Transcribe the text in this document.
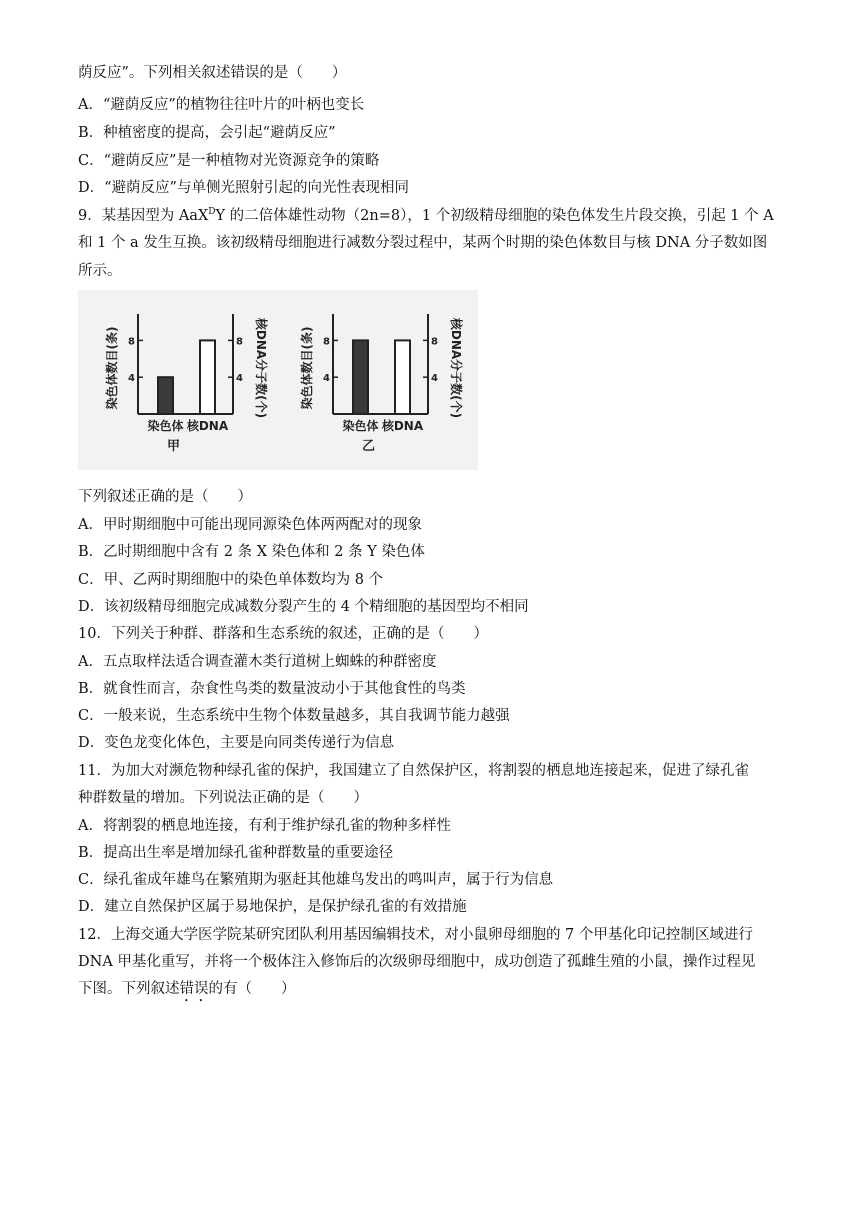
荫反应”。下列相关叙述错误的是（　　）
A．“避荫反应”的植物往往叶片的叶柄也变长
B．种植密度的提高，会引起“避荫反应”
C．“避荫反应”是一种植物对光资源竞争的策略
D．“避荫反应”与单侧光照射引起的向光性表现相同
9．某基因型为 AaX$^D$Y 的二倍体雄性动物（2n=8），1 个初级精母细胞的染色体发生片段交换，引起 1 个 A
和 1 个 a 发生互换。该初级精母细胞进行减数分裂过程中，某两个时期的染色体数目与核 DNA 分子数如图
所示。
4	4
8	8
染色体数目(条)	核DNA分子数(个)
染色体 核DNA
甲
4	4
8	8
染色体数目(条)	核DNA分子数(个)
染色体 核DNA
乙
下列叙述正确的是（　　）
A．甲时期细胞中可能出现同源染色体两两配对的现象
B．乙时期细胞中含有 2 条 X 染色体和 2 条 Y 染色体
C．甲、乙两时期细胞中的染色单体数均为 8 个
D．该初级精母细胞完成减数分裂产生的 4 个精细胞的基因型均不相同
10．下列关于种群、群落和生态系统的叙述，正确的是（　　）
A．五点取样法适合调查灌木类行道树上蜘蛛的种群密度
B．就食性而言，杂食性鸟类的数量波动小于其他食性的鸟类
C．一般来说，生态系统中生物个体数量越多，其自我调节能力越强
D．变色龙变化体色，主要是向同类传递行为信息
11．为加大对濒危物种绿孔雀的保护，我国建立了自然保护区，将割裂的栖息地连接起来，促进了绿孔雀
种群数量的增加。下列说法正确的是（　　）
A．将割裂的栖息地连接，有利于维护绿孔雀的物种多样性
B．提高出生率是增加绿孔雀种群数量的重要途径
C．绿孔雀成年雄鸟在繁殖期为驱赶其他雄鸟发出的鸣叫声，属于行为信息
D．建立自然保护区属于易地保护，是保护绿孔雀的有效措施
12．上海交通大学医学院某研究团队利用基因编辑技术，对小鼠卵母细胞的 7 个甲基化印记控制区域进行
DNA 甲基化重写，并将一个极体注入修饰后的次级卵母细胞中，成功创造了孤雌生殖的小鼠，操作过程见
下图。下列叙述错误的有（　　）
